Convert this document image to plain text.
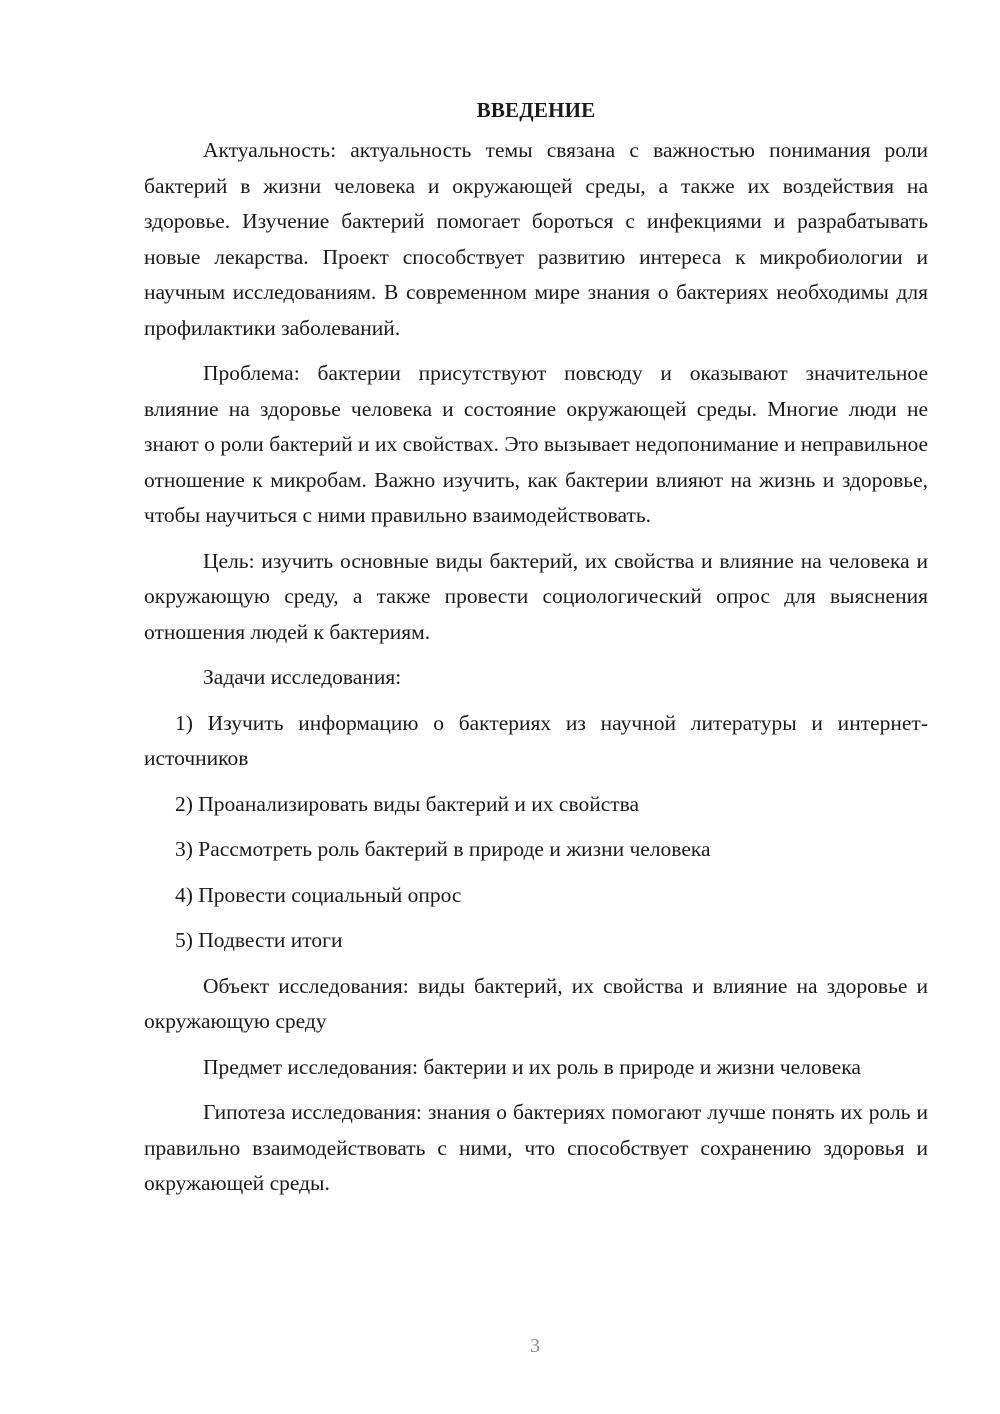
ВВЕДЕНИЕ

Актуальность: актуальность темы связана с важностью понимания роли бактерий в жизни человека и окружающей среды, а также их воздействия на здоровье. Изучение бактерий помогает бороться с инфекциями и разрабатывать новые лекарства. Проект способствует развитию интереса к микробиологии и научным исследованиям. В современном мире знания о бактериях необходимы для профилактики заболеваний.

Проблема: бактерии присутствуют повсюду и оказывают значительное влияние на здоровье человека и состояние окружающей среды. Многие люди не знают о роли бактерий и их свойствах. Это вызывает недопонимание и неправильное отношение к микробам. Важно изучить, как бактерии влияют на жизнь и здоровье, чтобы научиться с ними правильно взаимодействовать.

Цель: изучить основные виды бактерий, их свойства и влияние на человека и окружающую среду, а также провести социологический опрос для выяснения отношения людей к бактериям.

Задачи исследования:

1) Изучить информацию о бактериях из научной литературы и интернет-источников

2) Проанализировать виды бактерий и их свойства

3) Рассмотреть роль бактерий в природе и жизни человека

4) Провести социальный опрос

5) Подвести итоги

Объект исследования: виды бактерий, их свойства и влияние на здоровье и окружающую среду

Предмет исследования: бактерии и их роль в природе и жизни человека

Гипотеза исследования: знания о бактериях помогают лучше понять их роль и правильно взаимодействовать с ними, что способствует сохранению здоровья и окружающей среды.

3
